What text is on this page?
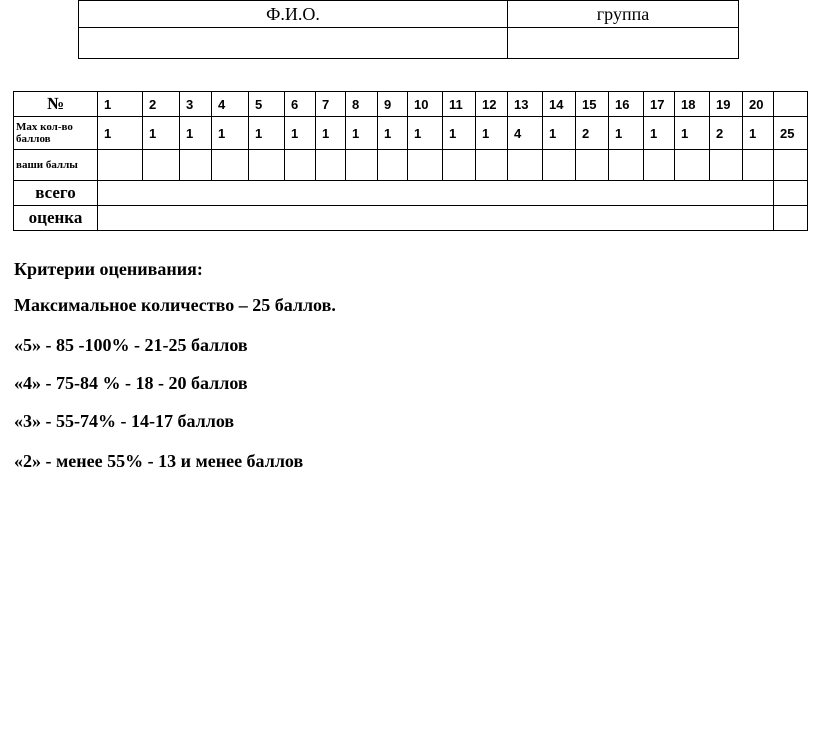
Ф.И.О.	группа

№	1	2	3	4	5	6	7	8	9	10	11	12	13	14	15	16	17	18	19	20	
Мах кол-во баллов	1	1	1	1	1	1	1	1	1	1	1	1	4	1	2	1	1	1	2	1	25
ваши баллы																					
всего																					
оценка																					
Критерии оценивания:
Максимальное количество – 25 баллов.
«5» - 85 -100% - 21-25 баллов
«4» - 75-84 % - 18 - 20 баллов
«3» - 55-74% - 14-17 баллов
«2» - менее 55% - 13 и менее баллов
